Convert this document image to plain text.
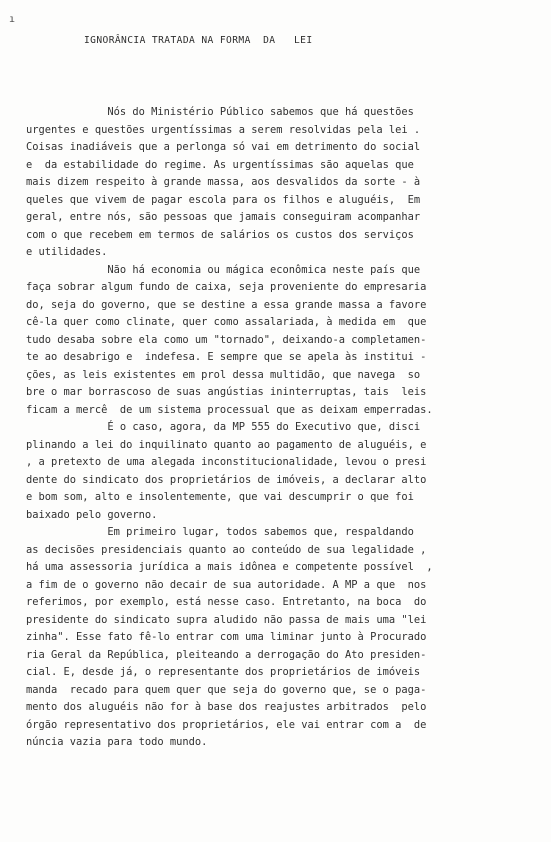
ı
IGNORÂNCIA TRATADA NA FORMA  DA   LEI
Nós do Ministério Público sabemos que há questões
urgentes e questões urgentíssimas a serem resolvidas pela lei .
Coisas inadiáveis que a perlonga só vai em detrimento do social
e  da estabilidade do regime. As urgentíssimas são aquelas que
mais dizem respeito à grande massa, aos desvalidos da sorte - à
queles que vivem de pagar escola para os filhos e aluguéis,  Em
geral, entre nós, são pessoas que jamais conseguiram acompanhar
com o que recebem em termos de salários os custos dos serviços
e utilidades.
Não há economia ou mágica econômica neste país que
faça sobrar algum fundo de caixa, seja proveniente do empresaria
do, seja do governo, que se destine a essa grande massa a favore
cê-la quer como clinate, quer como assalariada, à medida em  que
tudo desaba sobre ela como um "tornado", deixando-a completamen-
te ao desabrigo e  indefesa. E sempre que se apela às institui -
ções, as leis existentes em prol dessa multidão, que navega  so
bre o mar borrascoso de suas angústias ininterruptas, tais  leis
ficam a mercê  de um sistema processual que as deixam emperradas.
É o caso, agora, da MP 555 do Executivo que, disci
plinando a lei do inquilinato quanto ao pagamento de aluguéis, e
, a pretexto de uma alegada inconstitucionalidade, levou o presi
dente do sindicato dos proprietários de imóveis, a declarar alto
e bom som, alto e insolentemente, que vai descumprir o que foi
baixado pelo governo.
Em primeiro lugar, todos sabemos que, respaldando
as decisões presidenciais quanto ao conteúdo de sua legalidade ,
há uma assessoria jurídica a mais idônea e competente possível  ,
a fim de o governo não decair de sua autoridade. A MP a que  nos
referimos, por exemplo, está nesse caso. Entretanto, na boca  do
presidente do sindicato supra aludido não passa de mais uma "lei
zinha". Esse fato fê-lo entrar com uma liminar junto à Procurado
ria Geral da República, pleiteando a derrogação do Ato presiden-
cial. E, desde já, o representante dos proprietários de imóveis
manda  recado para quem quer que seja do governo que, se o paga-
mento dos aluguéis não for à base dos reajustes arbitrados  pelo
órgão representativo dos proprietários, ele vai entrar com a  de
núncia vazia para todo mundo.
